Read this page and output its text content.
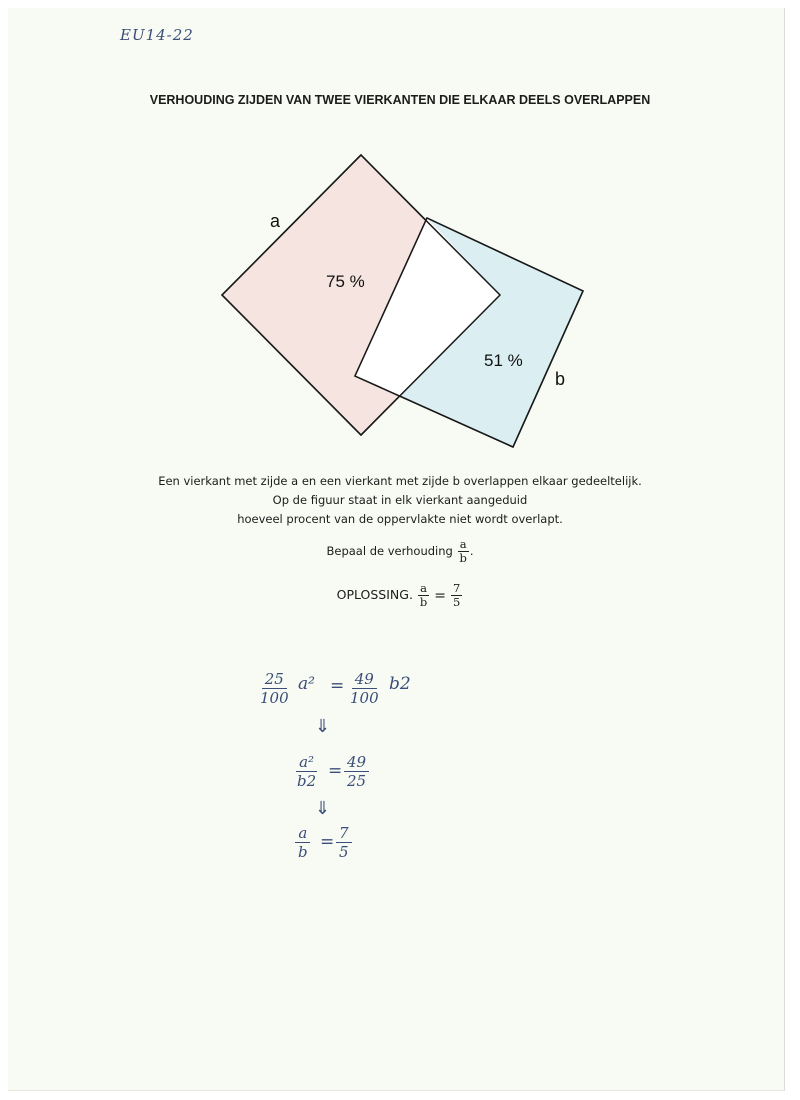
EU14-22
VERHOUDING ZIJDEN VAN TWEE VIERKANTEN DIE ELKAAR DEELS OVERLAPPEN
a
75 %
51 %
b
Een vierkant met zijde a en een vierkant met zijde b overlappen elkaar gedeeltelijk.
Op de figuur staat in elk vierkant aangeduid
hoeveel procent van de oppervlakte niet wordt overlapt.
Bepaal de verhouding $\frac{a}{b}$ .
OPLOSSING. $\frac{a}{b} = \frac{7}{5}$
$\frac{25}{100} a^2 = \frac{49}{100} b2$
⇓
$\frac{\text{a²}}{b2} = \frac{49}{25}$
⇓
$\frac{a}{b} = \frac{7}{5}$
